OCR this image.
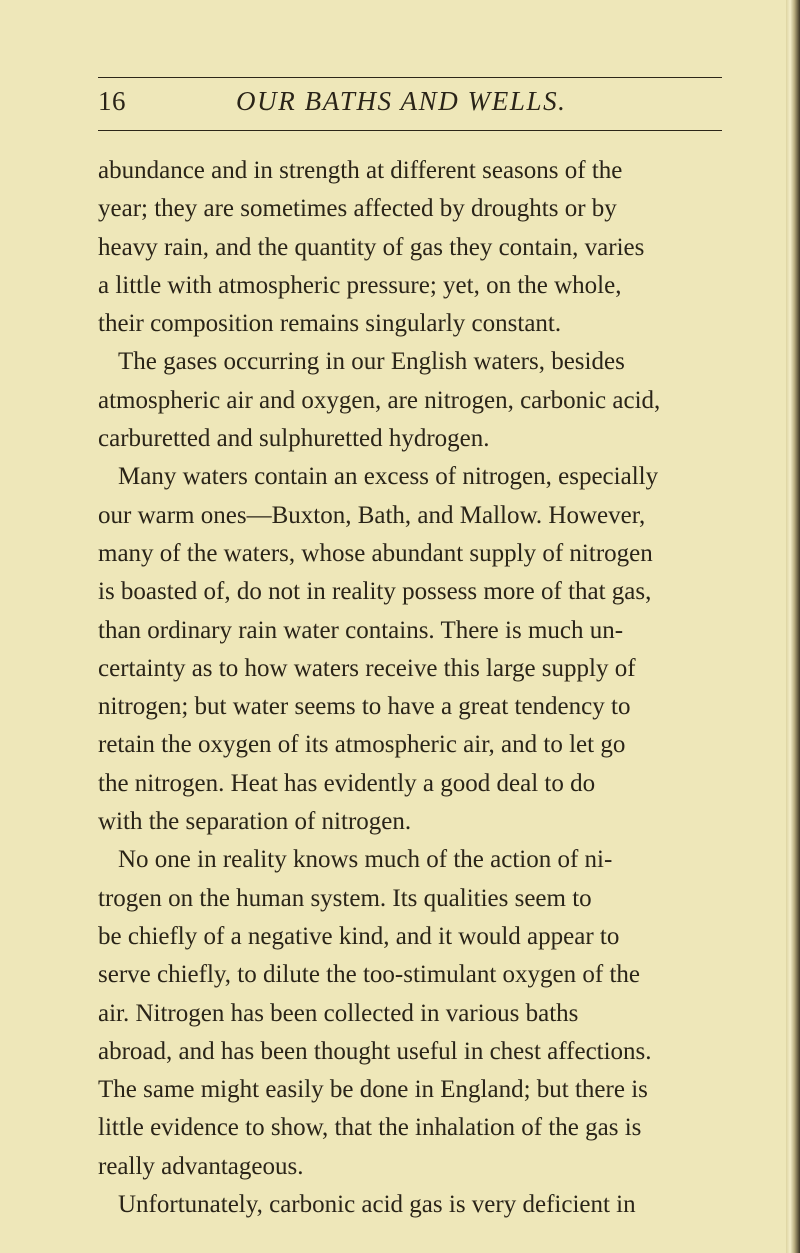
16	OUR BATHS AND WELLS.
abundance and in strength at different seasons of the
year; they are sometimes affected by droughts or by
heavy rain, and the quantity of gas they contain, varies
a little with atmospheric pressure; yet, on the whole,
their composition remains singularly constant.
The gases occurring in our English waters, besides
atmospheric air and oxygen, are nitrogen, carbonic acid,
carburetted and sulphuretted hydrogen.
Many waters contain an excess of nitrogen, especially
our warm ones—Buxton, Bath, and Mallow. However,
many of the waters, whose abundant supply of nitrogen
is boasted of, do not in reality possess more of that gas,
than ordinary rain water contains. There is much un-
certainty as to how waters receive this large supply of
nitrogen; but water seems to have a great tendency to
retain the oxygen of its atmospheric air, and to let go
the nitrogen. Heat has evidently a good deal to do
with the separation of nitrogen.
No one in reality knows much of the action of ni-
trogen on the human system. Its qualities seem to
be chiefly of a negative kind, and it would appear to
serve chiefly, to dilute the too-stimulant oxygen of the
air. Nitrogen has been collected in various baths
abroad, and has been thought useful in chest affections.
The same might easily be done in England; but there is
little evidence to show, that the inhalation of the gas is
really advantageous.
Unfortunately, carbonic acid gas is very deficient in
